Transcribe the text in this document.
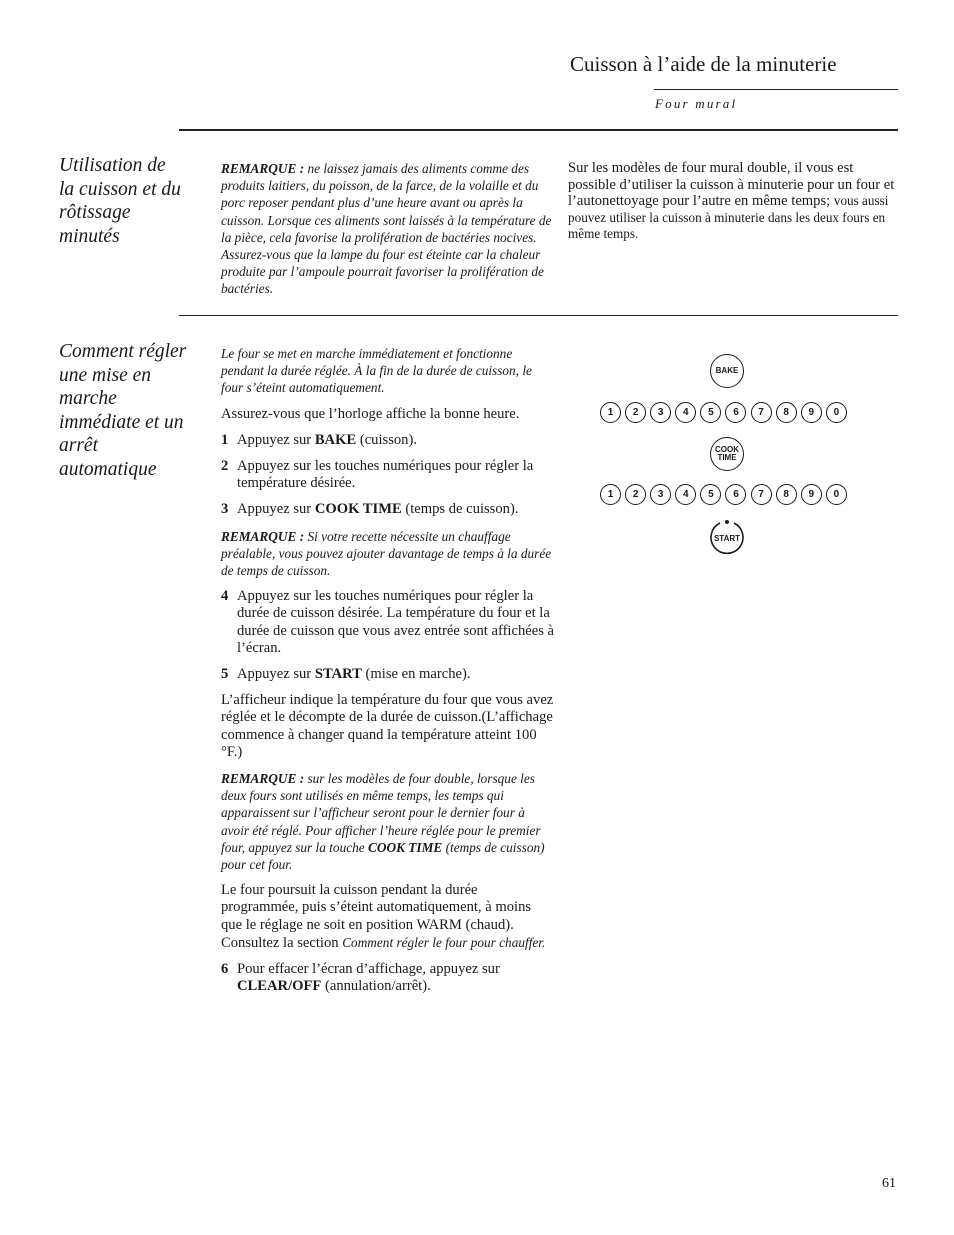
Cuisson à l’aide de la minuterie
Four mural
Utilisation de la cuisson et du rôtissage minutés

REMARQUE : ne laissez jamais des aliments comme des produits laitiers, du poisson, de la farce, de la volaille et du porc reposer pendant plus d’une heure avant ou après la cuisson. Lorsque ces aliments sont laissés à la température de la pièce, cela favorise la prolifération de bactéries nocives. Assurez-vous que la lampe du four est éteinte car la chaleur produite par l’ampoule pourrait favoriser la prolifération de bactéries.

Sur les modèles de four mural double, il vous est possible d’utiliser la cuisson à minuterie pour un four et l’autonettoyage pour l’autre en même temps; vous aussi pouvez utiliser la cuisson à minuterie dans les deux fours en même temps.
Comment régler une mise en marche immédiate et un arrêt automatique

Le four se met en marche immédiatement et fonctionne pendant la durée réglée. À la fin de la durée de cuisson, le four s’éteint automatiquement.

Assurez-vous que l’horloge affiche la bonne heure.

1 Appuyez sur BAKE (cuisson).
2 Appuyez sur les touches numériques pour régler la température désirée.
3 Appuyez sur COOK TIME (temps de cuisson).

REMARQUE : Si votre recette nécessite un chauffage préalable, vous pouvez ajouter davantage de temps à la durée de temps de cuisson.

4 Appuyez sur les touches numériques pour régler la durée de cuisson désirée. La température du four et la durée de cuisson que vous avez entrée sont affichées à l’écran.
5 Appuyez sur START (mise en marche).

L’afficheur indique la température du four que vous avez réglée et le décompte de la durée de cuisson.(L’affichage commence à changer quand la température atteint 100 °F.)

REMARQUE : sur les modèles de four double, lorsque les deux fours sont utilisés en même temps, les temps qui apparaissent sur l’afficheur seront pour le dernier four à avoir été réglé. Pour afficher l’heure réglée pour le premier four, appuyez sur la touche COOK TIME (temps de cuisson) pour cet four.

Le four poursuit la cuisson pendant la durée programmée, puis s’éteint automatiquement, à moins que le réglage ne soit en position WARM (chaud). Consultez la section Comment régler le four pour chauffer.

6 Pour effacer l’écran d’affichage, appuyez sur CLEAR/OFF (annulation/arrêt).
BAKE
1	2	3	4	5	6	7	8	9	0
COOK
TIME
1	2	3	4	5	6	7	8	9	0
START
61
